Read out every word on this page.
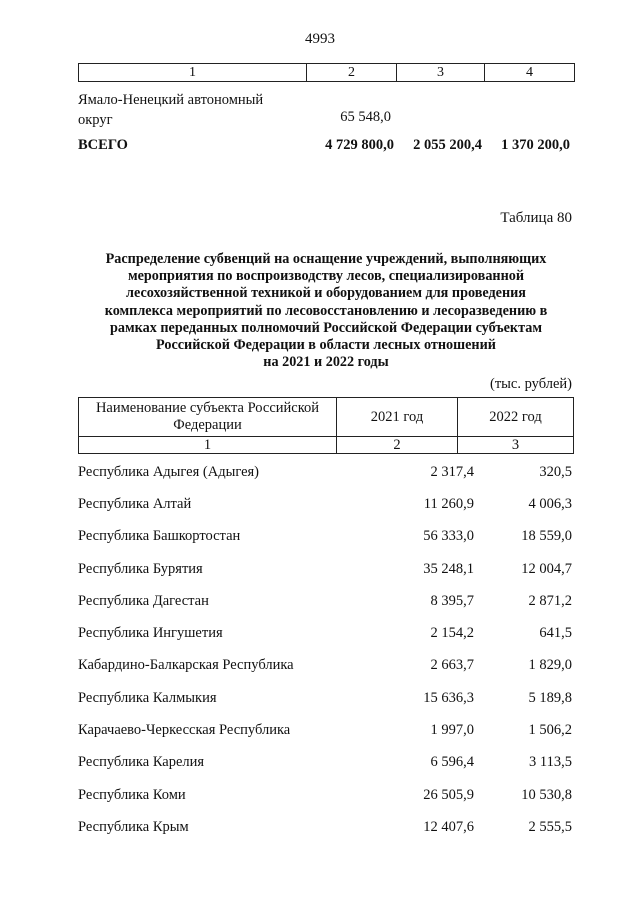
4993
1	2	3	4
Ямало-Ненецкий автономный
округ	65 548,0
ВСЕГО	4 729 800,0	2 055 200,4	1 370 200,0
Таблица 80
Распределение субвенций на оснащение учреждений, выполняющих
мероприятия по воспроизводству лесов, специализированной
лесохозяйственной техникой и оборудованием для проведения
комплекса мероприятий по лесовосстановлению и лесоразведению в
рамках переданных полномочий Российской Федерации субъектам
Российской Федерации в области лесных отношений
на 2021 и 2022 годы
(тыс. рублей)
Наименование субъекта Российской
Федерации	2021 год	2022 год
1	2	3
Республика Адыгея (Адыгея)	2 317,4	320,5
Республика Алтай	11 260,9	4 006,3
Республика Башкортостан	56 333,0	18 559,0
Республика Бурятия	35 248,1	12 004,7
Республика Дагестан	8 395,7	2 871,2
Республика Ингушетия	2 154,2	641,5
Кабардино-Балкарская Республика	2 663,7	1 829,0
Республика Калмыкия	15 636,3	5 189,8
Карачаево-Черкесская Республика	1 997,0	1 506,2
Республика Карелия	6 596,4	3 113,5
Республика Коми	26 505,9	10 530,8
Республика Крым	12 407,6	2 555,5
